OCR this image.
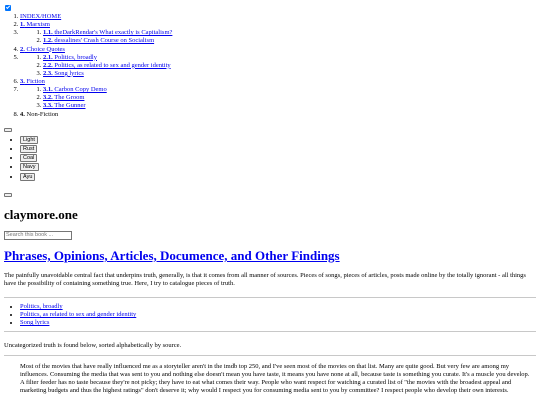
1. INDEX/HOME
2. 1. Marxism
1. 3. 1.1. theDarkRendar's What exactly is Capitalism?
2. 1.2. dessalines' Crash Course on Socialism
4. 2. Choice Quotes
1. 5. 2.1. Politics, broadly
2. 2.2. Politics, as related to sex and gender identity
3. 2.3. Song lyrics
6. 3. Fiction
1. 7. 3.1. Carbon Copy Demo
2. 3.2. The Groom
3. 3.3. The Gunner
8. 4. Non-Fiction
• Light
• Rust
• Coal
• Navy
• Ayu
claymore.one
Search this book ...
Phrases, Opinions, Articles, Documence, and Other Findings

The painfully unavoidable central fact that underpins truth, generally, is that it comes from all manner of sources. Pieces of songs, pieces of articles, posts made online by the totally ignorant - all things have the possibility of containing something true. Here, I try to catalogue pieces of truth.

• Politics, broadly
• Politics, as related to sex and gender identity
• Song lyrics

Uncategorized truth is found below, sorted alphabetically by source.

Most of the movies that have really influenced me as a storyteller aren't in the imdb top 250, and I've seen most of the movies on that list. Many are quite good. But very few are among my influences. Consuming the media that was sent to you and nothing else doesn't mean you have taste, it means you have none at all, because taste is something you curate. It's a muscle you develop. A filter feeder has no taste because they're not picky; they have to eat what comes their way. People who want respect for watching a curated list of "the movies with the broadest appeal and marketing budgets and thus the highest ratings" don't deserve it; why would I respect you for consuming media sent to you by committee? I respect people who develop their own interests.
